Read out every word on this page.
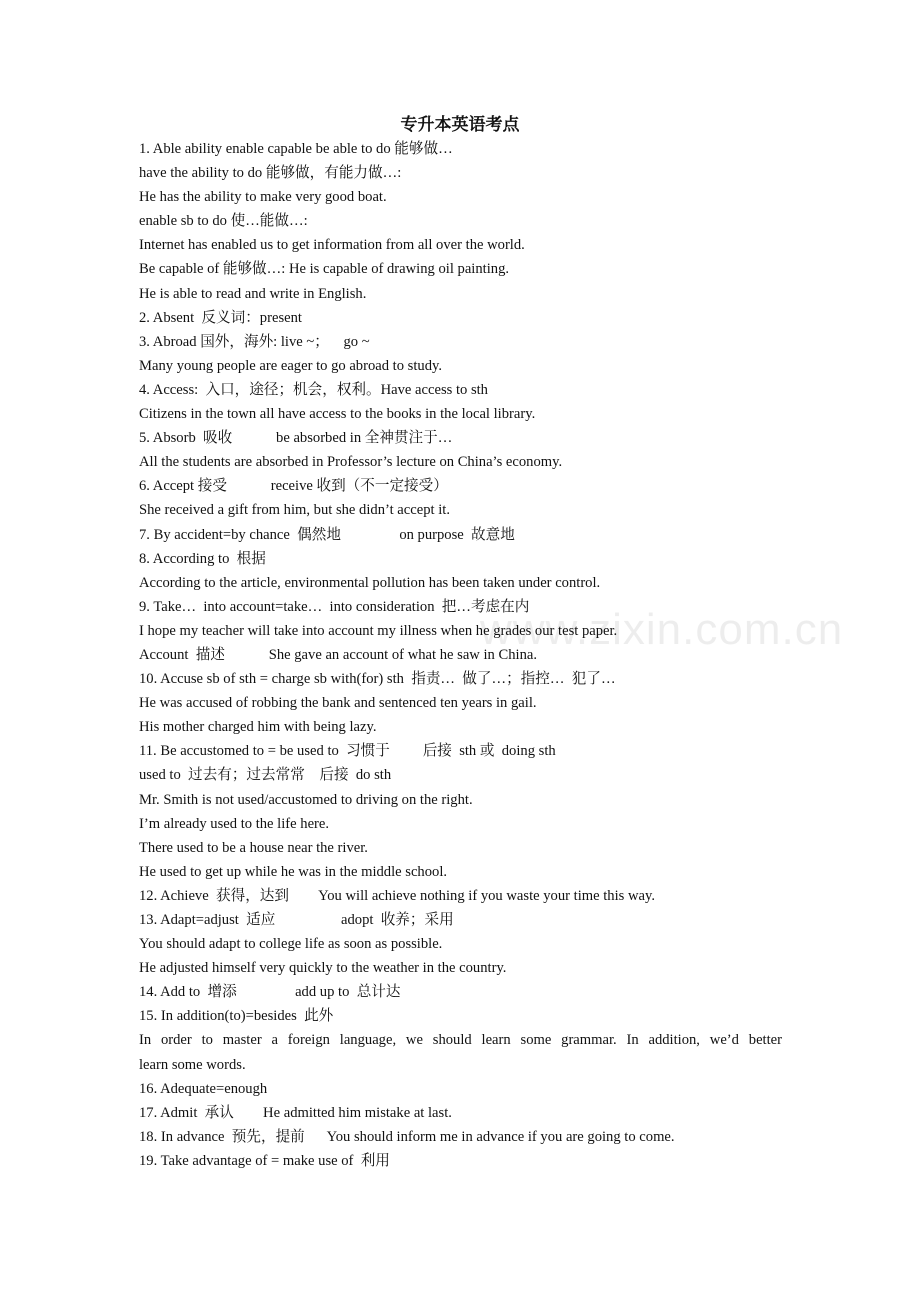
www.zixin.com.cn
专升本英语考点
1. Able ability enable capable be able to do 能够做…
have the ability to do 能够做，有能力做…:
He has the ability to make very good boat.
enable sb to do 使…能做…:
Internet has enabled us to get information from all over the world.
Be capable of 能够做…: He is capable of drawing oil painting.
He is able to read and write in English.
2. Absent  反义词：present
3. Abroad 国外，海外: live ~；    go ~
Many young people are eager to go abroad to study.
4. Access:  入口，途径；机会，权利。Have access to sth
Citizens in the town all have access to the books in the local library.
5. Absorb  吸收            be absorbed in 全神贯注于…
All the students are absorbed in Professor’s lecture on China’s economy.
6. Accept 接受            receive 收到（不一定接受）
She received a gift from him, but she didn’t accept it.
7. By accident=by chance  偶然地                on purpose  故意地
8. According to  根据
According to the article, environmental pollution has been taken under control.
9. Take…  into account=take…  into consideration  把…考虑在内
I hope my teacher will take into account my illness when he grades our test paper.
Account  描述            She gave an account of what he saw in China.
10. Accuse sb of sth = charge sb with(for) sth  指责…  做了…；指控…  犯了…
He was accused of robbing the bank and sentenced ten years in gail.
His mother charged him with being lazy.
11. Be accustomed to = be used to  习惯于         后接  sth 或  doing sth
used to  过去有；过去常常    后接  do sth
Mr. Smith is not used/accustomed to driving on the right.
I’m already used to the life here.
There used to be a house near the river.
He used to get up while he was in the middle school.
12. Achieve  获得，达到        You will achieve nothing if you waste your time this way.
13. Adapt=adjust  适应                  adopt  收养；采用
You should adapt to college life as soon as possible.
He adjusted himself very quickly to the weather in the country.
14. Add to  增添                add up to  总计达
15. In addition(to)=besides  此外
In order to master a foreign language, we should learn some grammar. In addition, we’d better
learn some words.
16. Adequate=enough
17. Admit  承认        He admitted him mistake at last.
18. In advance  预先，提前      You should inform me in advance if you are going to come.
19. Take advantage of = make use of  利用
